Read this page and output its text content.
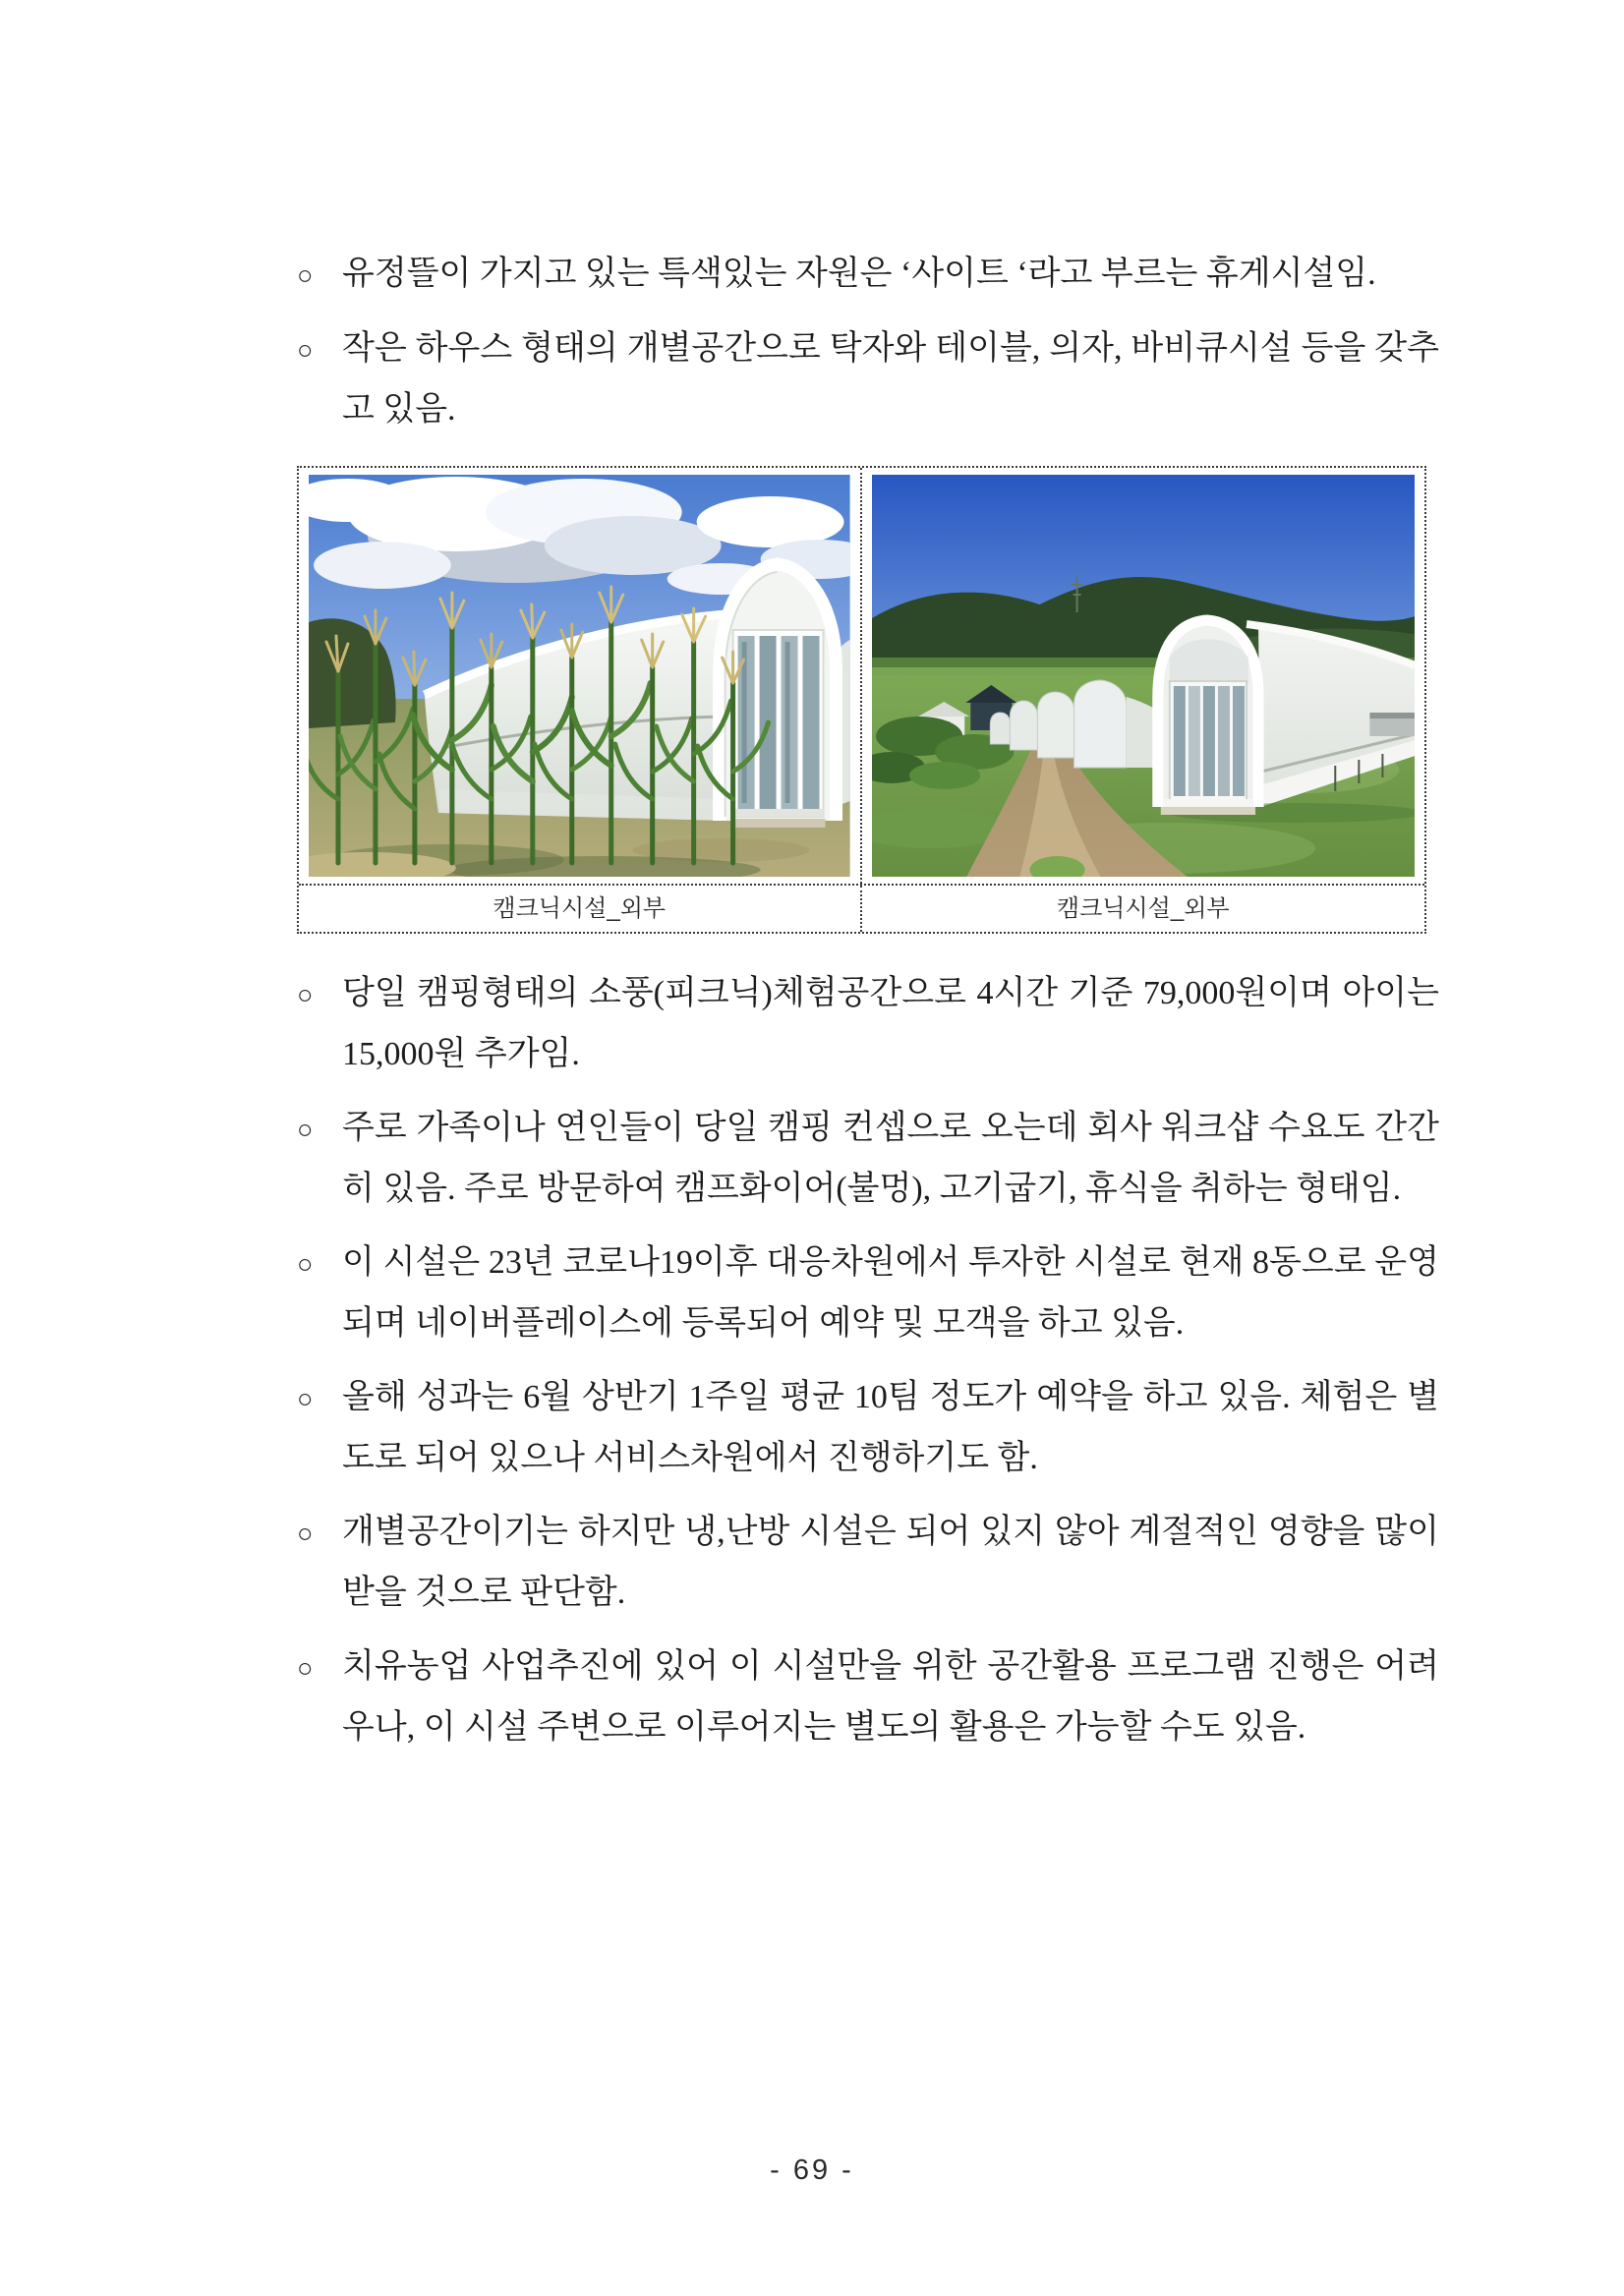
○ 유정뜰이 가지고 있는 특색있는 자원은 ‘사이트 ‘라고 부르는 휴게시설임.

○ 작은 하우스 형태의 개별공간으로 탁자와 테이블, 의자, 바비큐시설 등을 갖추고 있음.

캠크닉시설_외부	캠크닉시설_외부
○ 당일 캠핑형태의 소풍(피크닉)체험공간으로 4시간 기준 79,000원이며 아이는 15,000원 추가임.

○ 주로 가족이나 연인들이 당일 캠핑 컨셉으로 오는데 회사 워크샵 수요도 간간히 있음. 주로 방문하여 캠프화이어(불멍), 고기굽기, 휴식을 취하는 형태임.

○ 이 시설은 23년 코로나19이후 대응차원에서 투자한 시설로 현재 8동으로 운영되며 네이버플레이스에 등록되어 예약 및 모객을 하고 있음.

○ 올해 성과는 6월 상반기 1주일 평균 10팀 정도가 예약을 하고 있음. 체험은 별도로 되어 있으나 서비스차원에서 진행하기도 함.

○ 개별공간이기는 하지만 냉,난방 시설은 되어 있지 않아 계절적인 영향을 많이 받을 것으로 판단함.

○ 치유농업 사업추진에 있어 이 시설만을 위한 공간활용 프로그램 진행은 어려우나, 이 시설 주변으로 이루어지는 별도의 활용은 가능할 수도 있음.

- 69 -
